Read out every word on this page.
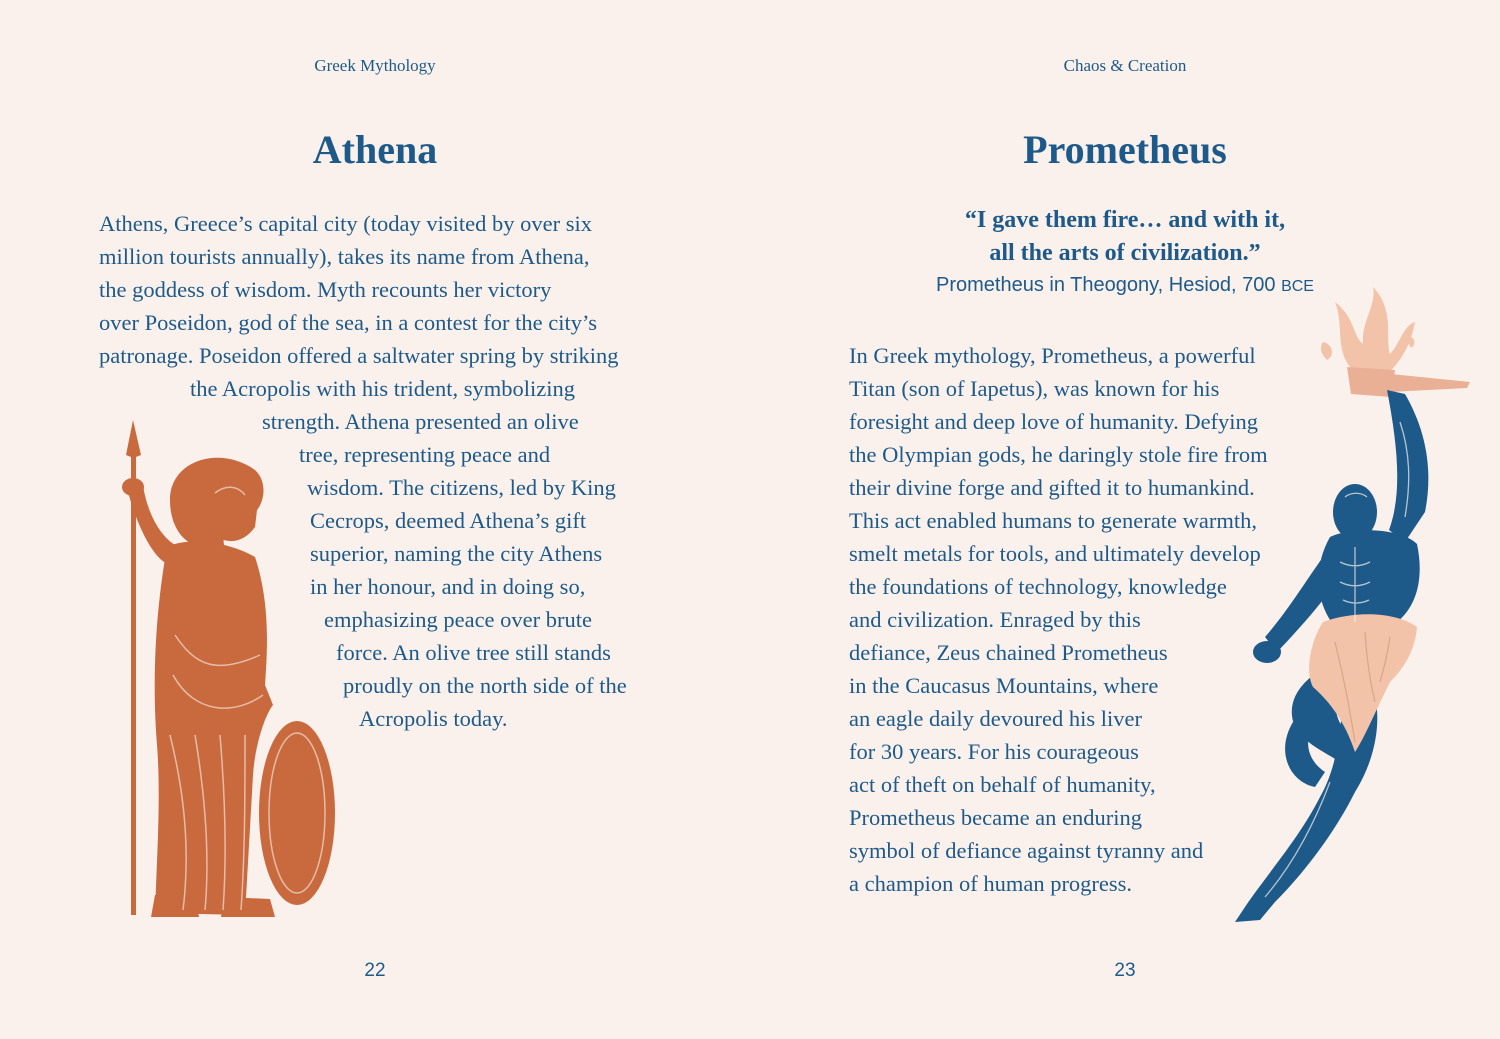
Greek Mythology
Athena
Athens, Greece’s capital city (today visited by over six
million tourists annually), takes its name from Athena,
the goddess of wisdom. Myth recounts her victory
over Poseidon, god of the sea, in a contest for the city’s
patronage. Poseidon offered a saltwater spring by striking
the Acropolis with his trident, symbolizing
strength. Athena presented an olive
tree, representing peace and
wisdom. The citizens, led by King
Cecrops, deemed Athena’s gift
superior, naming the city Athens
in her honour, and in doing so,
emphasizing peace over brute
force. An olive tree still stands
proudly on the north side of the
Acropolis today.
22
Chaos & Creation
Prometheus
“I gave them fire… and with it,
all the arts of civilization.”
Prometheus in Theogony, Hesiod, 700 BCE
In Greek mythology, Prometheus, a powerful
Titan (son of Iapetus), was known for his
foresight and deep love of humanity. Defying
the Olympian gods, he daringly stole fire from
their divine forge and gifted it to humankind.
This act enabled humans to generate warmth,
smelt metals for tools, and ultimately develop
the foundations of technology, knowledge
and civilization. Enraged by this
defiance, Zeus chained Prometheus
in the Caucasus Mountains, where
an eagle daily devoured his liver
for 30 years. For his courageous
act of theft on behalf of humanity,
Prometheus became an enduring
symbol of defiance against tyranny and
a champion of human progress.
23
